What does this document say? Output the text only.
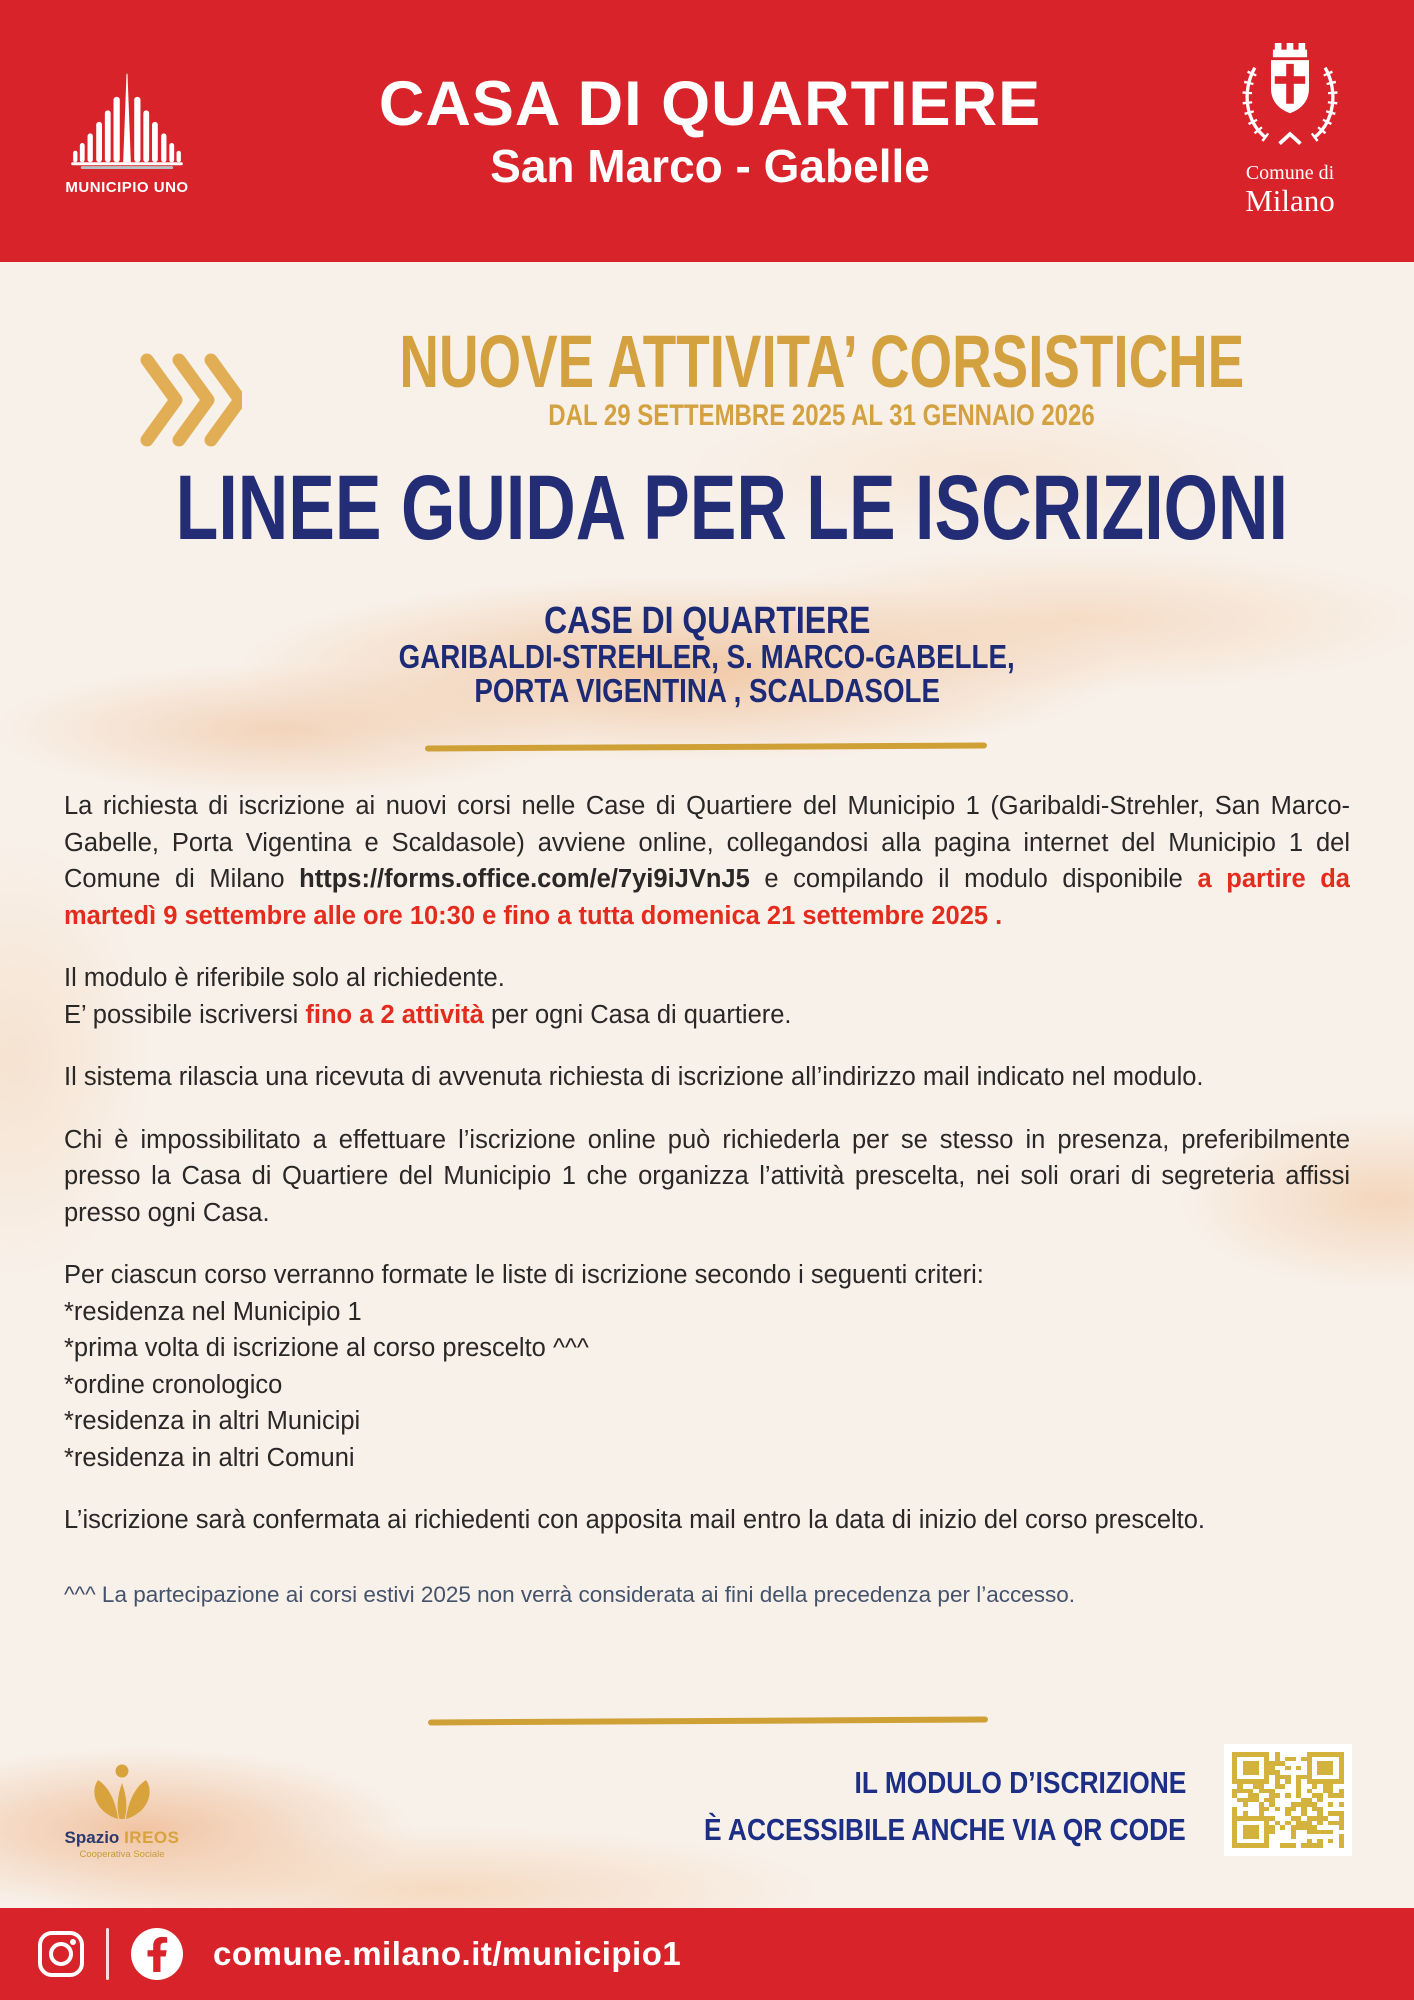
MUNICIPIO UNO
CASA DI QUARTIERE
San Marco - Gabelle	Comune di
Milano
NUOVE ATTIVITA’ CORSISTICHE
DAL 29 SETTEMBRE 2025 AL 31 GENNAIO 2026
LINEE GUIDA PER LE ISCRIZIONI
CASE DI QUARTIERE
GARIBALDI-STREHLER, S. MARCO-GABELLE,
PORTA VIGENTINA , SCALDASOLE

La richiesta di iscrizione ai nuovi corsi nelle Case di Quartiere del Municipio 1 (Garibaldi-Strehler, San Marco-Gabelle, Porta Vigentina e Scaldasole) avviene online, collegandosi alla pagina internet del Municipio 1 del Comune di Milano https://forms.office.com/e/7yi9iJVnJ5 e compilando il modulo disponibile a partire da martedì 9 settembre alle ore 10:30 e fino a tutta domenica 21 settembre 2025 .

Il modulo è riferibile solo al richiedente.
E’ possibile iscriversi fino a 2 attività per ogni Casa di quartiere.

Il sistema rilascia una ricevuta di avvenuta richiesta di iscrizione all’indirizzo mail indicato nel modulo.

Chi è impossibilitato a effettuare l’iscrizione online può richiederla per se stesso in presenza, preferibilmente presso la Casa di Quartiere del Municipio 1 che organizza l’attività prescelta, nei soli orari di segreteria affissi presso ogni Casa.

Per ciascun corso verranno formate le liste di iscrizione secondo i seguenti criteri:
*residenza nel Municipio 1
*prima volta di iscrizione al corso prescelto ^^^
*ordine cronologico
*residenza in altri Municipi
*residenza in altri Comuni

L’iscrizione sarà confermata ai richiedenti con apposita mail entro la data di inizio del corso prescelto.

^^^ La partecipazione ai corsi estivi 2025 non verrà considerata ai fini della precedenza per l’accesso.

Spazio IREOS
Cooperativa Sociale
IL MODULO D’ISCRIZIONE
È ACCESSIBILE ANCHE VIA QR CODE
comune.milano.it/municipio1
